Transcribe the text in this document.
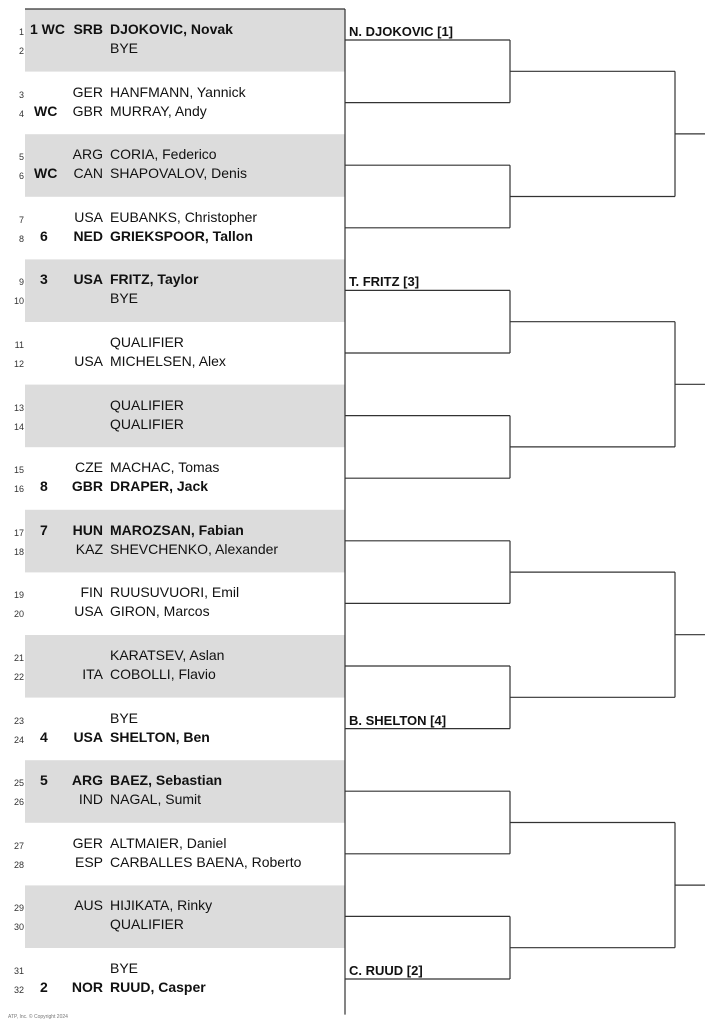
1 1 WC SRB DJOKOVIC, Novak
2	BYE
3	GER HANFMANN, Yannick
4 WC	GBR MURRAY, Andy
5	ARG CORIA, Federico
6 WC	CAN SHAPOVALOV, Denis
7	USA EUBANKS, Christopher
8 6	NED GRIEKSPOOR, Tallon
9 3	USA FRITZ, Taylor
10	BYE
11	QUALIFIER
12	USA MICHELSEN, Alex
13	QUALIFIER
14	QUALIFIER
15	CZE MACHAC, Tomas
16 8	GBR DRAPER, Jack
17 7	HUN MAROZSAN, Fabian
18	KAZ SHEVCHENKO, Alexander
19	FIN RUUSUVUORI, Emil
20	USA GIRON, Marcos
21	KARATSEV, Aslan
22	ITA COBOLLI, Flavio
23	BYE
24 4	USA SHELTON, Ben
25 5	ARG BAEZ, Sebastian
26	IND NAGAL, Sumit
27	GER ALTMAIER, Daniel
28	ESP CARBALLES BAENA, Roberto
29	AUS HIJIKATA, Rinky
30	QUALIFIER
31	BYE
32 2	NOR RUUD, Casper
N. DJOKOVIC [1]
T. FRITZ [3]
B. SHELTON [4]
C. RUUD [2]
ATP, Inc. © Copyright 2024
